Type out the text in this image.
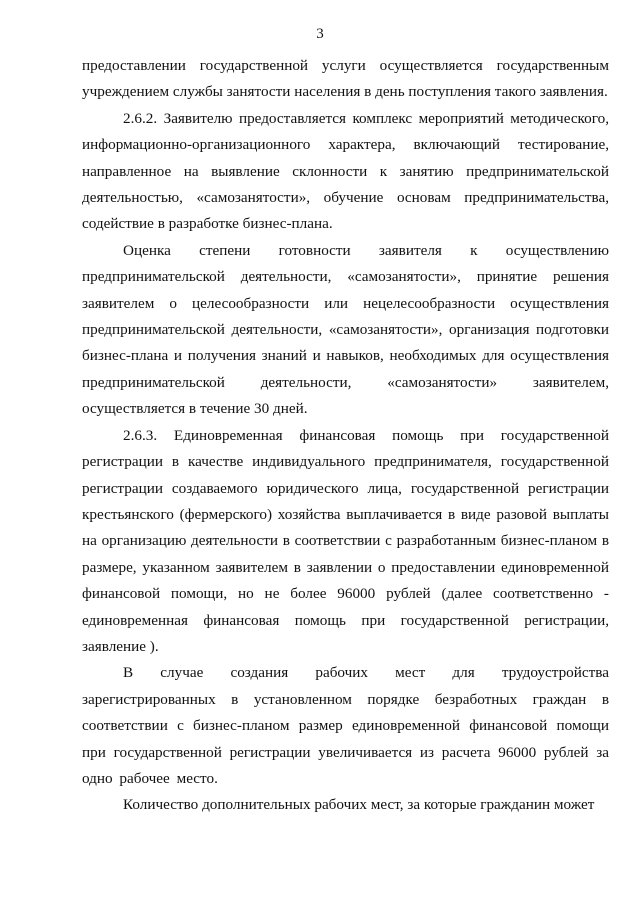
3

предоставлении государственной услуги осуществляется государственным учреждением службы занятости населения в день поступления такого заявления.

2.6.2. Заявителю предоставляется комплекс мероприятий методического, информационно-организационного характера, включающий тестирование, направленное на выявление склонности к занятию предпринимательской деятельностью, «самозанятости», обучение основам предпринимательства, содействие в разработке бизнес-плана.

Оценка степени готовности заявителя к осуществлению предпринимательской деятельности, «самозанятости», принятие решения заявителем о целесообразности или нецелесообразности осуществления предпринимательской деятельности, «самозанятости», организация подготовки бизнес-плана и получения знаний и навыков, необходимых для осуществления предпринимательской деятельности, «самозанятости» заявителем, осуществляется в течение 30 дней.

2.6.3. Единовременная финансовая помощь при государственной регистрации в качестве индивидуального предпринимателя, государственной регистрации создаваемого юридического лица, государственной регистрации крестьянского (фермерского) хозяйства выплачивается в виде разовой выплаты на организацию деятельности в соответствии с разработанным бизнес-планом в размере, указанном заявителем в заявлении о предоставлении единовременной финансовой помощи, но не более 96000 рублей (далее соответственно - единовременная финансовая помощь при государственной регистрации, заявление ).

В случае создания рабочих мест для трудоустройства зарегистрированных в установленном порядке безработных граждан в соответствии с бизнес-планом размер единовременной финансовой помощи при государственной регистрации увеличивается из расчета 96000 рублей за одно рабочее место.

Количество дополнительных рабочих мест, за которые гражданин может
